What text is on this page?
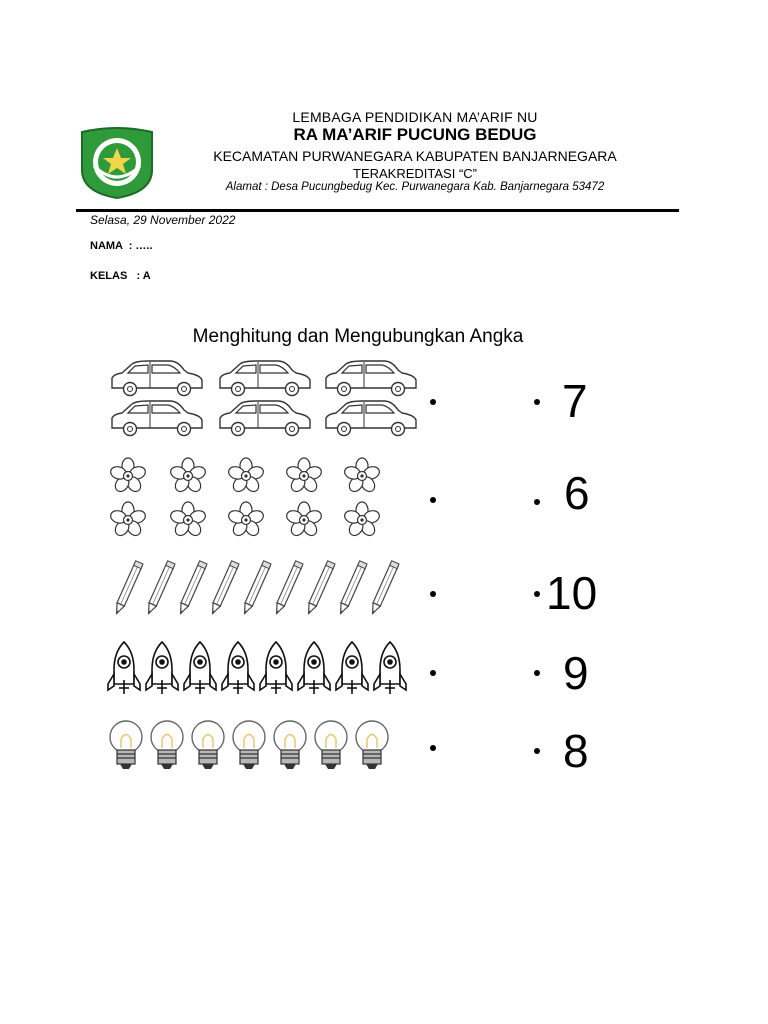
LEMBAGA PENDIDIKAN MA’ARIF NU
RA MA’ARIF PUCUNG BEDUG
KECAMATAN PURWANEGARA KABUPATEN BANJARNEGARA
TERAKREDITASI “C”
Alamat : Desa Pucungbedug Kec. Purwanegara Kab. Banjarnegara 53472
Selasa, 29 November 2022
NAMA  : …..
KELAS   : A
Menghitung dan Mengubungkan Angka
7
6
10
9
8
